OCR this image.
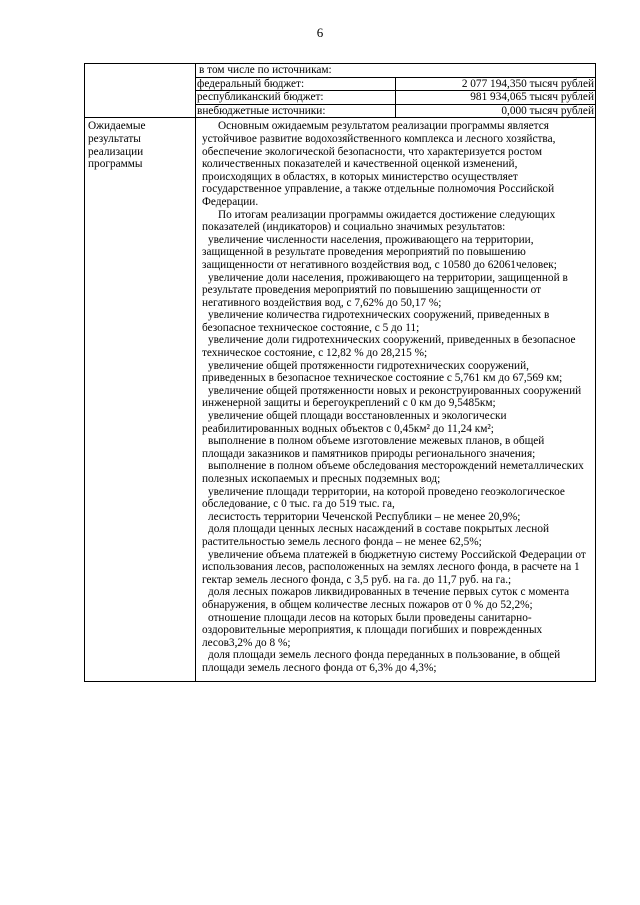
6

в том числе по источникам:
федеральный бюджет:	2 077 194,350 тысяч рублей
республиканский бюджет:	981 934,065 тысяч рублей
внебюджетные источники:	0,000 тысяч рублей

Ожидаемые результаты реализации программы	

Основным ожидаемым результатом реализации программы является устойчивое развитие водохозяйственного комплекса и лесного хозяйства, обеспечение экологической безопасности, что характеризуется ростом количественных показателей и качественной оценкой изменений, происходящих в областях, в которых министерство осуществляет государственное управление, а также отдельные полномочия Российской Федерации.

По итогам реализации программы ожидается достижение следующих показателей (индикаторов) и социально значимых результатов:

увеличение численности населения, проживающего на территории, защищенной в результате проведения мероприятий по повышению защищенности от негативного воздействия вод, с 10580 до 62061человек;

увеличение доли населения, проживающего на территории, защищенной в результате проведения мероприятий по повышению защищенности от негативного воздействия вод, с 7,62% до 50,17 %;

увеличение количества гидротехнических сооружений, приведенных в безопасное техническое состояние, с 5 до 11;

увеличение доли гидротехнических сооружений, приведенных в безопасное техническое состояние, с 12,82 % до 28,215 %;

увеличение общей протяженности гидротехнических сооружений, приведенных в безопасное техническое состояние с 5,761 км до 67,569 км;

увеличение общей протяженности новых и реконструированных сооружений инженерной защиты и берегоукреплений с 0 км до 9,5485км;

увеличение общей площади восстановленных и экологически реабилитированных водных объектов с 0,45км² до 11,24 км²;

выполнение в полном объеме изготовление межевых планов, в общей площади заказников и памятников природы регионального значения;

выполнение в полном объеме обследования месторождений неметаллических полезных ископаемых и пресных подземных вод;

увеличение площади территории, на которой проведено геоэкологическое обследование, с 0 тыс. га до 519 тыс. га,

лесистость территории Чеченской Республики – не менее 20,9%;

доля площади ценных лесных насаждений в составе покрытых лесной растительностью земель лесного фонда – не менее 62,5%;

увеличение объема платежей в бюджетную систему Российской Федерации от использования лесов, расположенных на землях лесного фонда, в расчете на 1 гектар земель лесного фонда, с 3,5 руб. на га. до 11,7 руб. на га.;

доля лесных пожаров ликвидированных в течение первых суток с момента обнаружения, в общем количестве лесных пожаров от 0 % до 52,2%;

отношение площади лесов на которых были проведены санитарно-оздоровительные мероприятия, к площади погибших и поврежденных лесов3,2% до 8 %;

доля площади земель лесного фонда переданных в пользование, в общей площади земель лесного фонда от 6,3% до 4,3%;
